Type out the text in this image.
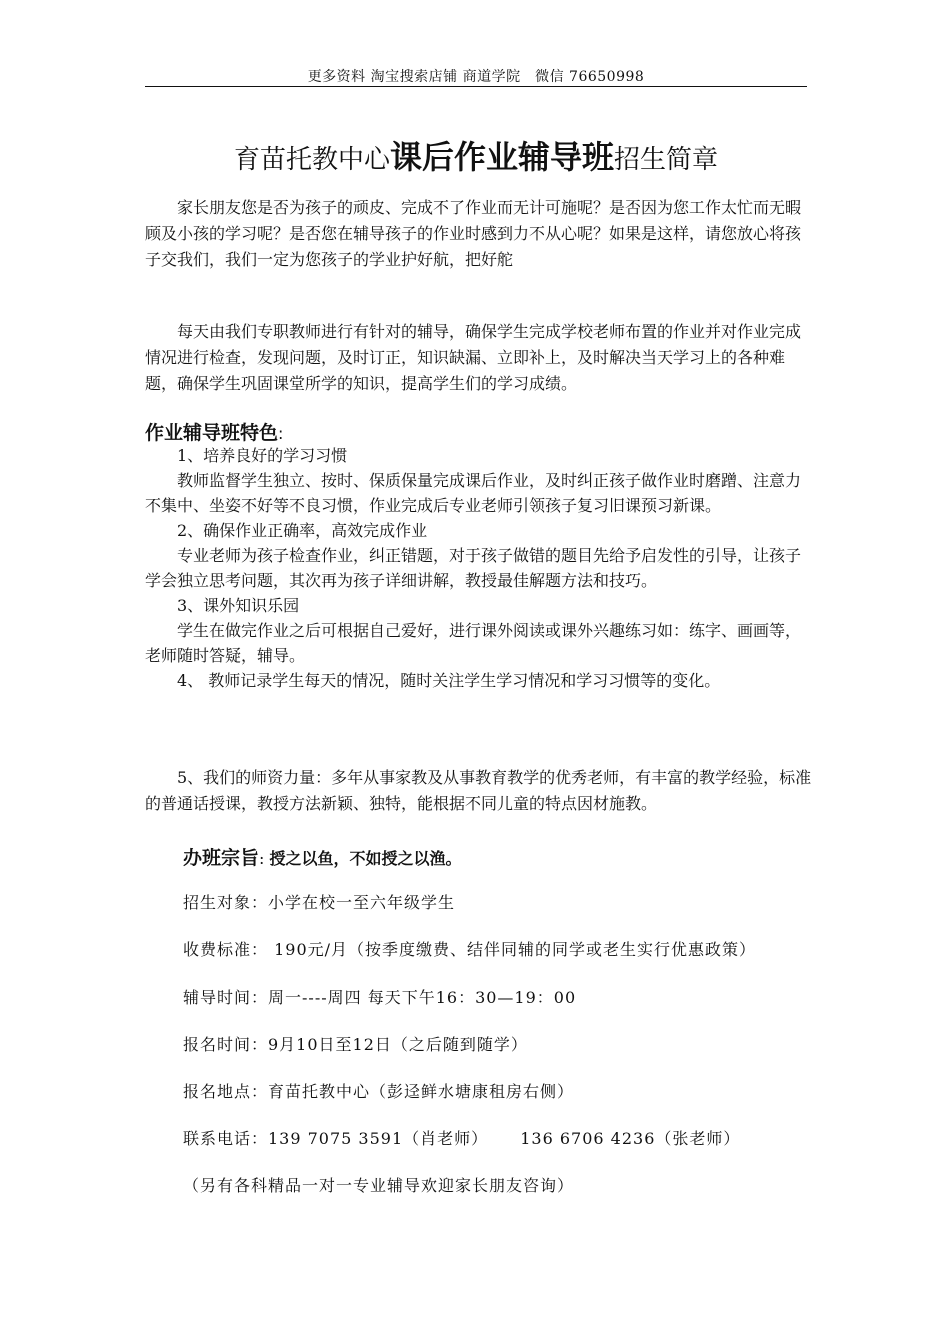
更多资料 淘宝搜索店铺 商道学院　微信 76650998
育苗托教中心课后作业辅导班招生简章
家长朋友您是否为孩子的顽皮、完成不了作业而无计可施呢？是否因为您工作太忙而无暇顾及小孩的学习呢？是否您在辅导孩子的作业时感到力不从心呢？如果是这样，请您放心将孩子交我们，我们一定为您孩子的学业护好航，把好舵
每天由我们专职教师进行有针对的辅导，确保学生完成学校老师布置的作业并对作业完成情况进行检查，发现问题，及时订正，知识缺漏、立即补上，及时解决当天学习上的各种难题，确保学生巩固课堂所学的知识，提高学生们的学习成绩。
作业辅导班特色:
1、培养良好的学习习惯
教师监督学生独立、按时、保质保量完成课后作业，及时纠正孩子做作业时磨蹭、注意力不集中、坐姿不好等不良习惯，作业完成后专业老师引领孩子复习旧课预习新课。
2、确保作业正确率，高效完成作业
专业老师为孩子检查作业，纠正错题，对于孩子做错的题目先给予启发性的引导，让孩子学会独立思考问题，其次再为孩子详细讲解，教授最佳解题方法和技巧。
3、课外知识乐园
学生在做完作业之后可根据自己爱好，进行课外阅读或课外兴趣练习如：练字、画画等，老师随时答疑，辅导。
4、 教师记录学生每天的情况，随时关注学生学习情况和学习习惯等的变化。
5、我们的师资力量：多年从事家教及从事教育教学的优秀老师，有丰富的教学经验，标准的普通话授课，教授方法新颖、独特，能根据不同儿童的特点因材施教。
办班宗旨: 授之以鱼，不如授之以渔。
招生对象：小学在校一至六年级学生
收费标准： 190元/月（按季度缴费、结伴同辅的同学或老生实行优惠政策）
辅导时间：周一----周四 每天下午16：30—19：00
报名时间：9月10日至12日（之后随到随学）
报名地点：育苗托教中心（彭迳鲜水塘康租房右侧）
联系电话：139 7075 3591（肖老师）　　 136 6706 4236（张老师）
（另有各科精品一对一专业辅导欢迎家长朋友咨询）
